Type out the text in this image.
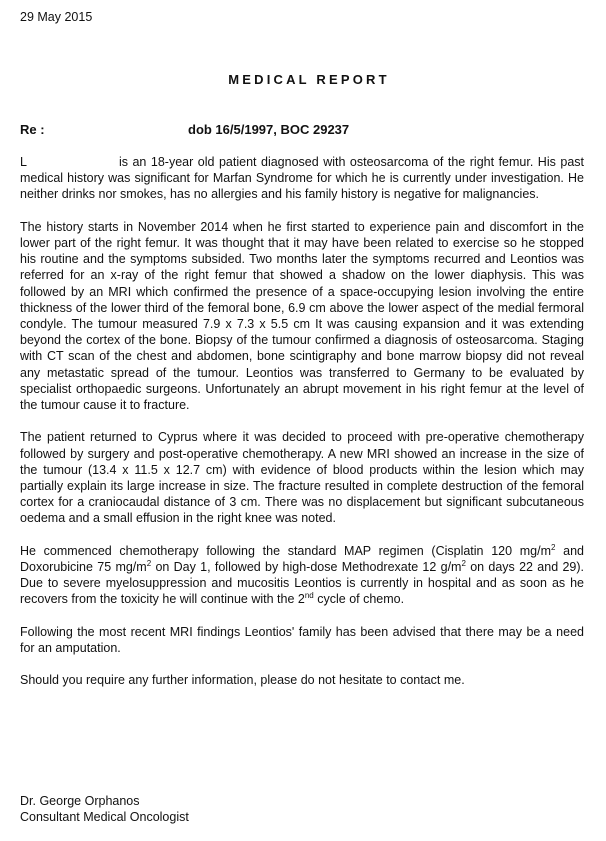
29 May 2015
MEDICAL REPORT
Re :	dob 16/5/1997, BOC 29237

L	is an 18-year old patient diagnosed with osteosarcoma of the right femur. His past medical history was significant for Marfan Syndrome for which he is currently under investigation. He neither drinks nor smokes, has no allergies and his family history is negative for malignancies.

The history starts in November 2014 when he first started to experience pain and discomfort in the lower part of the right femur. It was thought that it may have been related to exercise so he stopped his routine and the symptoms subsided. Two months later the symptoms recurred and Leontios was referred for an x-ray of the right femur that showed a shadow on the lower diaphysis. This was followed by an MRI which confirmed the presence of a space-occupying lesion involving the entire thickness of the lower third of the femoral bone, 6.9 cm above the lower aspect of the medial fermoral condyle. The tumour measured 7.9 x 7.3 x 5.5 cm It was causing expansion and it was extending beyond the cortex of the bone. Biopsy of the tumour confirmed a diagnosis of osteosarcoma. Staging with CT scan of the chest and abdomen, bone scintigraphy and bone marrow biopsy did not reveal any metastatic spread of the tumour. Leontios was transferred to Germany to be evaluated by specialist orthopaedic surgeons. Unfortunately an abrupt movement in his right femur at the level of the tumour cause it to fracture.

The patient returned to Cyprus where it was decided to proceed with pre-operative chemotherapy followed by surgery and post-operative chemotherapy. A new MRI showed an increase in the size of the tumour (13.4 x 11.5 x 12.7 cm) with evidence of blood products within the lesion which may partially explain its large increase in size. The fracture resulted in complete destruction of the femoral cortex for a craniocaudal distance of 3 cm. There was no displacement but significant subcutaneous oedema and a small effusion in the right knee was noted.

He commenced chemotherapy following the standard MAP regimen (Cisplatin 120 $mg/m^2$ and Doxorubicine 75 $mg/m^2$ on Day 1, followed by high-dose Methodrexate 12 $g/m^2$ on days 22 and 29). Due to severe myelosuppression and mucositis Leontios is currently in hospital and as soon as he recovers from the toxicity he will continue with the 2nd cycle of chemo.

Following the most recent MRI findings Leontios' family has been advised that there may be a need for an amputation.

Should you require any further information, please do not hesitate to contact me.

Dr. George Orphanos
Consultant Medical Oncologist
